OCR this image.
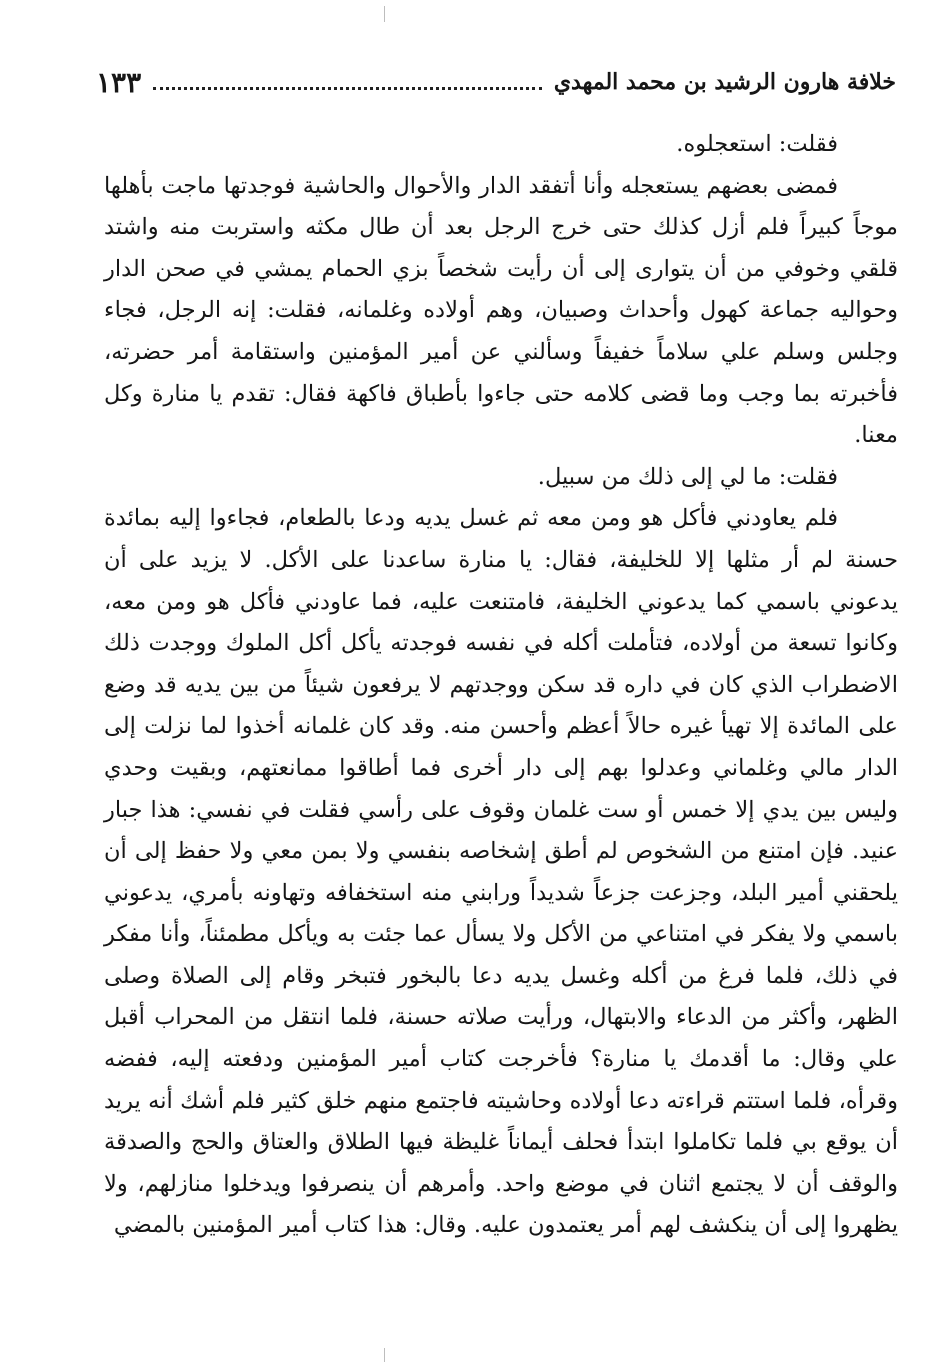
خلافة هارون الرشيد بن محمد المهدي
١٣٣

فقلت: استعجلوه.

فمضى بعضهم يستعجله وأنا أتفقد الدار والأحوال والحاشية فوجدتها ماجت بأهلها موجاً كبيراً فلم أزل كذلك حتى خرج الرجل بعد أن طال مكثه واستربت منه واشتد قلقي وخوفي من أن يتوارى إلى أن رأيت شخصاً بزي الحمام يمشي في صحن الدار وحواليه جماعة كهول وأحداث وصبيان، وهم أولاده وغلمانه، فقلت: إنه الرجل، فجاء وجلس وسلم علي سلاماً خفيفاً وسألني عن أمير المؤمنين واستقامة أمر حضرته، فأخبرته بما وجب وما قضى كلامه حتى جاءوا بأطباق فاكهة فقال: تقدم يا منارة وكل معنا.

فقلت: ما لي إلى ذلك من سبيل.

فلم يعاودني فأكل هو ومن معه ثم غسل يديه ودعا بالطعام، فجاءوا إليه بمائدة حسنة لم أر مثلها إلا للخليفة، فقال: يا منارة ساعدنا على الأكل. لا يزيد على أن يدعوني باسمي كما يدعوني الخليفة، فامتنعت عليه، فما عاودني فأكل هو ومن معه، وكانوا تسعة من أولاده، فتأملت أكله في نفسه فوجدته يأكل أكل الملوك ووجدت ذلك الاضطراب الذي كان في داره قد سكن ووجدتهم لا يرفعون شيئاً من بين يديه قد وضع على المائدة إلا تهيأ غيره حالاً أعظم وأحسن منه. وقد كان غلمانه أخذوا لما نزلت إلى الدار مالي وغلماني وعدلوا بهم إلى دار أخرى فما أطاقوا ممانعتهم، وبقيت وحدي وليس بين يدي إلا خمس أو ست غلمان وقوف على رأسي فقلت في نفسي: هذا جبار عنيد. فإن امتنع من الشخوص لم أطق إشخاصه بنفسي ولا بمن معي ولا حفظ إلى أن يلحقني أمير البلد، وجزعت جزعاً شديداً ورابني منه استخفافه وتهاونه بأمري، يدعوني باسمي ولا يفكر في امتناعي من الأكل ولا يسأل عما جئت به ويأكل مطمئناً، وأنا مفكر في ذلك، فلما فرغ من أكله وغسل يديه دعا بالبخور فتبخر وقام إلى الصلاة وصلى الظهر، وأكثر من الدعاء والابتهال، ورأيت صلاته حسنة، فلما انتقل من المحراب أقبل علي وقال: ما أقدمك يا منارة؟ فأخرجت كتاب أمير المؤمنين ودفعته إليه، ففضه وقرأه، فلما استتم قراءته دعا أولاده وحاشيته فاجتمع منهم خلق كثير فلم أشك أنه يريد أن يوقع بي فلما تكاملوا ابتدأ فحلف أيماناً غليظة فيها الطلاق والعتاق والحج والصدقة والوقف أن لا يجتمع اثنان في موضع واحد. وأمرهم أن ينصرفوا ويدخلوا منازلهم، ولا يظهروا إلى أن ينكشف لهم أمر يعتمدون عليه. وقال: هذا كتاب أمير المؤمنين بالمضي
